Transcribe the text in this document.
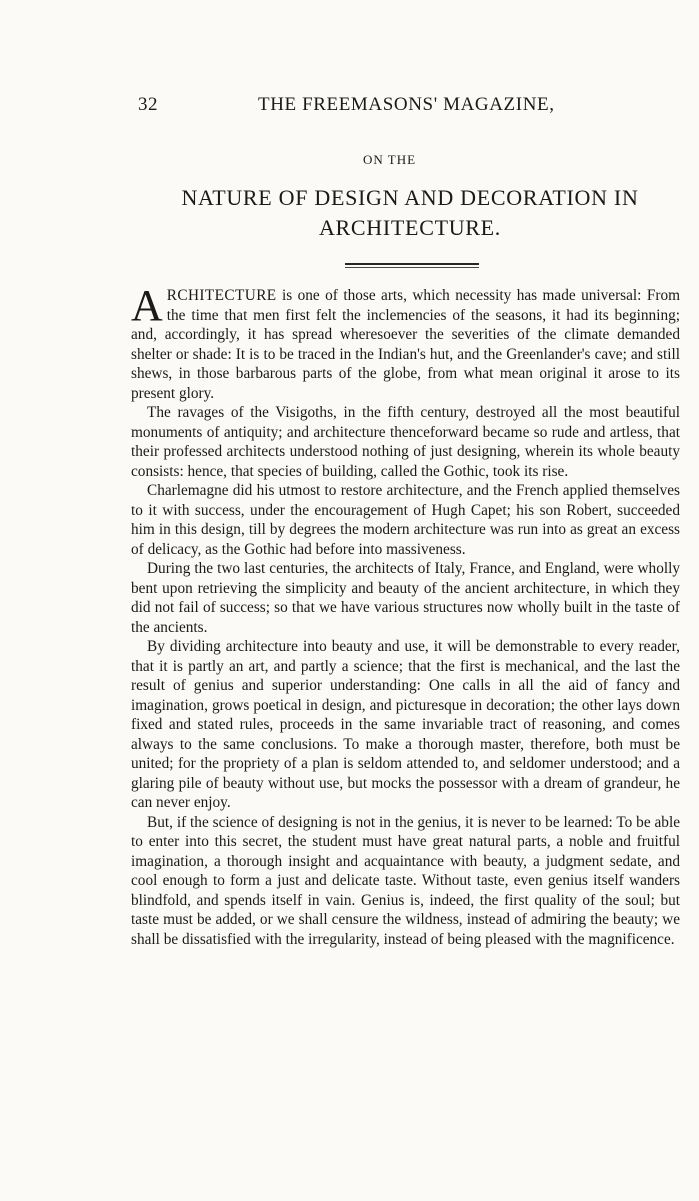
32	THE FREEMASONS' MAGAZINE,
ON THE
NATURE OF DESIGN AND DECORATION IN
ARCHITECTURE.

ARCHITECTURE is one of those arts, which necessity has made universal: From the time that men first felt the inclemencies of the seasons, it had its beginning; and, accordingly, it has spread wheresoever the severities of the climate demanded shelter or shade: It is to be traced in the Indian's hut, and the Greenlander's cave; and still shews, in those barbarous parts of the globe, from what mean original it arose to its present glory.

The ravages of the Visigoths, in the fifth century, destroyed all the most beautiful monuments of antiquity; and architecture thenceforward became so rude and artless, that their professed architects understood nothing of just designing, wherein its whole beauty consists: hence, that species of building, called the Gothic, took its rise.

Charlemagne did his utmost to restore architecture, and the French applied themselves to it with success, under the encouragement of Hugh Capet; his son Robert, succeeded him in this design, till by degrees the modern architecture was run into as great an excess of delicacy, as the Gothic had before into massiveness.

During the two last centuries, the architects of Italy, France, and England, were wholly bent upon retrieving the simplicity and beauty of the ancient architecture, in which they did not fail of success; so that we have various structures now wholly built in the taste of the ancients.

By dividing architecture into beauty and use, it will be demonstrable to every reader, that it is partly an art, and partly a science; that the first is mechanical, and the last the result of genius and superior understanding: One calls in all the aid of fancy and imagination, grows poetical in design, and picturesque in decoration; the other lays down fixed and stated rules, proceeds in the same invariable tract of reasoning, and comes always to the same conclusions. To make a thorough master, therefore, both must be united; for the propriety of a plan is seldom attended to, and seldomer understood; and a glaring pile of beauty without use, but mocks the possessor with a dream of grandeur, he can never enjoy.

But, if the science of designing is not in the genius, it is never to be learned: To be able to enter into this secret, the student must have great natural parts, a noble and fruitful imagination, a thorough insight and acquaintance with beauty, a judgment sedate, and cool enough to form a just and delicate taste. Without taste, even genius itself wanders blindfold, and spends itself in vain. Genius is, indeed, the first quality of the soul; but taste must be added, or we shall censure the wildness, instead of admiring the beauty; we shall be dissatisfied with the irregularity, instead of being pleased with the magnificence.
